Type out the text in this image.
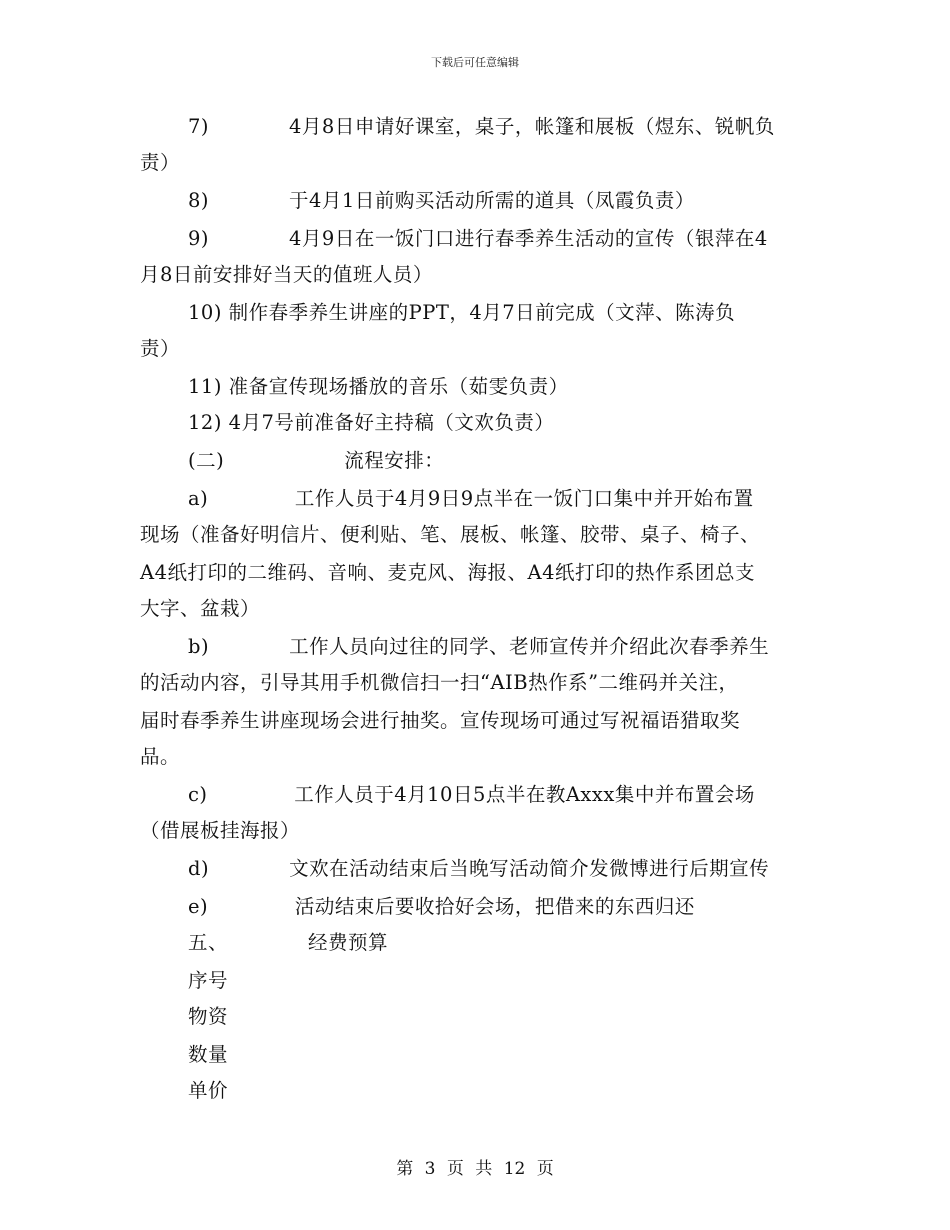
下载后可任意编辑
7)    4月8日申请好课室，桌子，帐篷和展板（煜东、锐帆负
责）
8)    于4月1日前购买活动所需的道具（凤霞负责）
9)    4月9日在一饭门口进行春季养生活动的宣传（银萍在4
月8日前安排好当天的值班人员）
10) 制作春季养生讲座的PPT，4月7日前完成（文萍、陈涛负
责）
11) 准备宣传现场播放的音乐（茹雯负责）
12) 4月7号前准备好主持稿（文欢负责）
(二)      流程安排：
a)     工作人员于4月9日9点半在一饭门口集中并开始布置
现场（准备好明信片、便利贴、笔、展板、帐篷、胶带、桌子、椅子、
A4纸打印的二维码、音响、麦克风、海报、A4纸打印的热作系团总支
大字、盆栽）
b)    工作人员向过往的同学、老师宣传并介绍此次春季养生
的活动内容，引导其用手机微信扫一扫“AIB热作系”二维码并关注，
届时春季养生讲座现场会进行抽奖。宣传现场可通过写祝福语猎取奖
品。
c)     工作人员于4月10日5点半在教Axxx集中并布置会场
（借展板挂海报）
d)    文欢在活动结束后当晚写活动简介发微博进行后期宣传
e)     活动结束后要收拾好会场，把借来的东西归还
五、    经费预算
序号
物资
数量
单价
第 3 页 共 12 页
